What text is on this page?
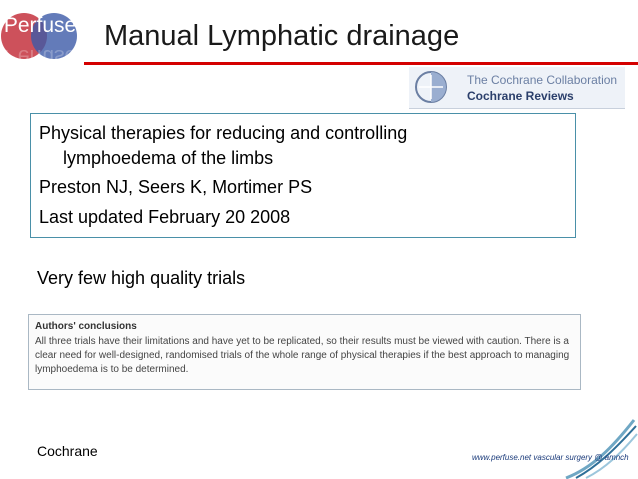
Perfuse
Perfuse
Manual Lymphatic drainage
The Cochrane Collaboration
Cochrane Reviews
Physical therapies for reducing and controlling
lymphoedema of the limbs
Preston NJ, Seers K, Mortimer PS
Last updated February 20 2008
Very few high quality trials
Authors' conclusions
All three trials have their limitations and have yet to be replicated, so their results must be viewed with caution. There is a clear need for well-designed, randomised trials of the whole range of physical therapies if the best approach to managing lymphoedema is to be determined.
Cochrane	www.perfuse.net vascular surgery @ amnch
